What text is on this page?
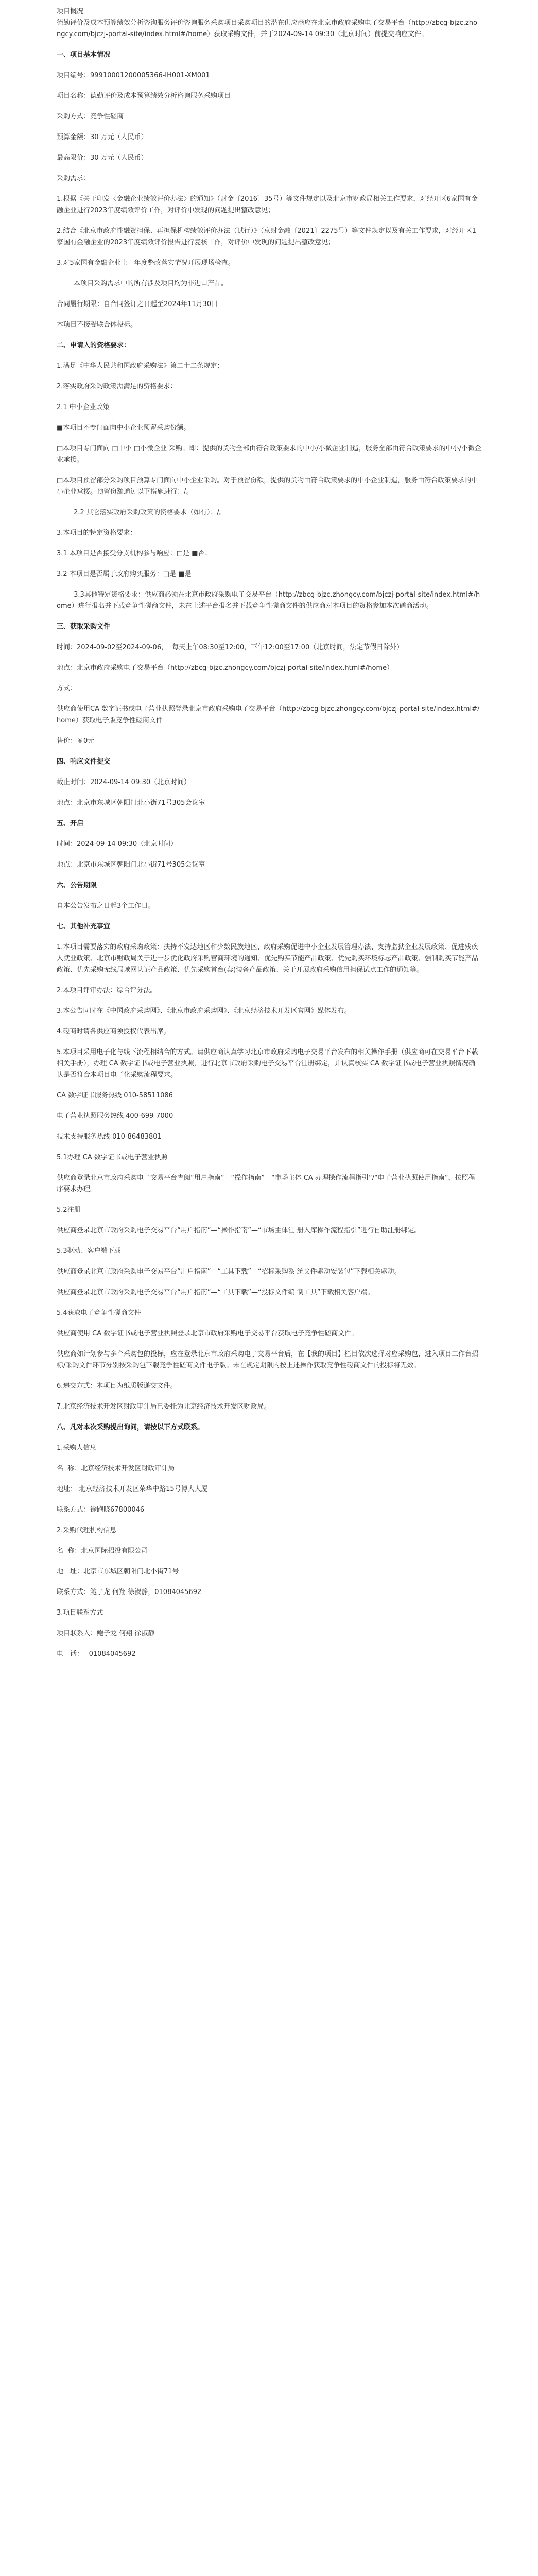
项目概况

德勤评价及成本预算绩效分析咨询服务评价咨询服务采购项目采购项目的潜在供应商应在北京市政府采购电子交易平台（http://zbcg-bjzc.zhongcy.com/bjczj-portal-site/index.html#/home）获取采购文件，并于2024-09-14 09:30（北京时间）前提交响应文件。

一、项目基本情况

项目编号：99910001200005366-IH001-XM001

项目名称：德勤评价及成本预算绩效分析咨询服务采购项目

采购方式：竞争性磋商

预算金额：30 万元（人民币）

最高限价：30 万元（人民币）

采购需求：

1.根据《关于印发〈金融企业绩效评价办法〉的通知》（财金〔2016〕35号）等文件规定以及北京市财政局相关工作要求，对经开区6家国有金融企业进行2023年度绩效评价工作，对评价中发现的问题提出整改意见；

2.结合《北京市政府性融资担保、再担保机构绩效评价办法（试行）》（京财金融〔2021〕2275号）等文件规定以及有关工作要求，对经开区1家国有金融企业的2023年度绩效评价报告进行复核工作，对评价中发现的问题提出整改意见；

3.对5家国有金融企业上一年度整改落实情况开展现场检查。

本项目采购需求中的所有涉及项目均为非进口产品。

合同履行期限：自合同签订之日起至2024年11月30日

本项目不接受联合体投标。

二、申请人的资格要求：

1.满足《中华人民共和国政府采购法》第二十二条规定；

2.落实政府采购政策需满足的资格要求：

2.1 中小企业政策

■本项目不专门面向中小企业预留采购份额。

□本项目专门面向 □中小 □小微企业 采购。即：提供的货物全部由符合政策要求的中小/小微企业制造，服务全部由符合政策要求的中小/小微企业承接。

□本项目预留部分采购项目预算专门面向中小企业采购。对于预留份额，提供的货物由符合政策要求的中小企业制造，服务由符合政策要求的中小企业承接。预留份额通过以下措施进行：/。

2.2 其它落实政府采购政策的资格要求（如有）：/。

3.本项目的特定资格要求：

3.1 本项目是否接受分支机构参与响应：□是 ■否；

3.2 本项目是否属于政府购买服务：□是 ■是

3.3其他特定资格要求：供应商必须在北京市政府采购电子交易平台（http://zbcg-bjzc.zhongcy.com/bjczj-portal-site/index.html#/home）进行报名并下载竞争性磋商文件，未在上述平台报名并下载竞争性磋商文件的供应商对本项目的资格参加本次磋商活动。

三、获取采购文件

时间：2024-09-02至2024-09-06，  每天上午08:30至12:00，下午12:00至17:00（北京时间，法定节假日除外）

地点：北京市政府采购电子交易平台（http://zbcg-bjzc.zhongcy.com/bjczj-portal-site/index.html#/home）

方式：

供应商使用CA 数字证书或电子营业执照登录北京市政府采购电子交易平台（http://zbcg-bjzc.zhongcy.com/bjczj-portal-site/index.html#/home）获取电子版竞争性磋商文件

售价：￥0元

四、响应文件提交

截止时间：2024-09-14 09:30（北京时间）

地点：北京市东城区朝阳门北小街71号305会议室

五、开启

时间：2024-09-14 09:30（北京时间）

地点：北京市东城区朝阳门北小街71号305会议室

六、公告期限

自本公告发布之日起3个工作日。

七、其他补充事宜

1.本项目需要落实的政府采购政策：扶持不发达地区和少数民族地区、政府采购促进中小企业发展管理办法、支持监狱企业发展政策、促进残疾人就业政策、北京市财政局关于进一步优化政府采购营商环境的通知、优先购买节能产品政策、优先购买环境标志产品政策、强制购买节能产品政策、优先采购无线局域网认证产品政策、优先采购首台(套)装备产品政策、关于开展政府采购信用担保试点工作的通知等。

2.本项目评审办法：综合评分法。

3.本公告同时在《中国政府采购网》、《北京市政府采购网》、《北京经济技术开发区官网》媒体发布。

4.磋商时请各供应商须授权代表出席。

5.本项目采用电子化与线下流程相结合的方式。请供应商认真学习北京市政府采购电子交易平台发布的相关操作手册（供应商可在交易平台下载相关手册），办理 CA 数字证书或电子营业执照，进行北京市政府采购电子交易平台注册绑定，并认真核实 CA 数字证书或电子营业执照情况确认是否符合本项目电子化采购流程要求。

CA 数字证书服务热线 010-58511086

电子营业执照服务热线 400-699-7000

技术支持服务热线 010-86483801

5.1办理 CA 数字证书或电子营业执照

供应商登录北京市政府采购电子交易平台查阅“用户指南”—“操作指南”—“市场主体 CA 办理操作流程指引”/“电子营业执照使用指南”，按照程序要求办理。

5.2注册

供应商登录北京市政府采购电子交易平台“用户指南”—“操作指南”—“市场主体注 册入库操作流程指引”进行自助注册绑定。

5.3驱动、客户端下载

供应商登录北京市政府采购电子交易平台“用户指南”—“工具下载”—“招标采购系 统文件驱动安装包”下载相关驱动。

供应商登录北京市政府采购电子交易平台“用户指南”—“工具下载”—“投标文件编 制工具”下载相关客户端。

5.4获取电子竞争性磋商文件

供应商使用 CA 数字证书或电子营业执照登录北京市政府采购电子交易平台获取电子竞争性磋商文件。

供应商如计划参与多个采购包的投标，应在登录北京市政府采购电子交易平台后，在【我的项目】栏目依次选择对应采购包，进入项目工作台招标/采购文件环节分别按采购包下载竞争性磋商文件电子版。未在规定期限内按上述操作获取竞争性磋商文件的投标将无效。

6.递交方式：本项目为纸质版递交文件。

7.北京经济技术开发区财政审计局已委托为北京经济技术开发区财政局。

八、凡对本次采购提出询问，请按以下方式联系。

1.采购人信息

名  称：北京经济技术开发区财政审计局

地址： 北京经济技术开发区荣华中路15号博大大厦

联系方式：徐跑晓67800046

2.采购代理机构信息

名  称：北京国际招投有限公司

地　址：北京市东城区朝阳门北小街71号

联系方式：鲍子龙 何翔 徐淑静，01084045692

3.项目联系方式

项目联系人：鲍子龙 何翔 徐淑静

电　话：　 01084045692
